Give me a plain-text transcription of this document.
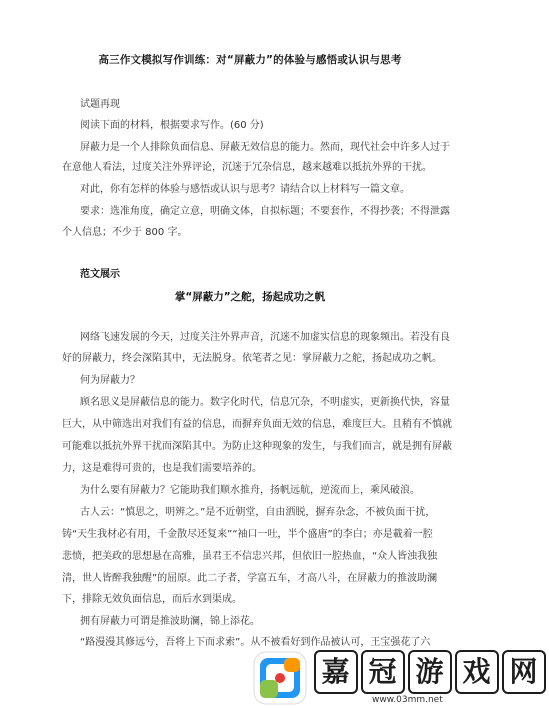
高三作文模拟写作训练：对“屏蔽力”的体验与感悟或认识与思考
试题再现
阅读下面的材料，根据要求写作。(60 分)
屏蔽力是一个人排除负面信息、屏蔽无效信息的能力。然而，现代社会中许多人过于
在意他人看法，过度关注外界评论，沉迷于冗杂信息，越来越难以抵抗外界的干扰。
对此，你有怎样的体验与感悟或认识与思考？请结合以上材料写一篇文章。
要求：选准角度，确定立意，明确文体，自拟标题；不要套作，不得抄袭；不得泄露
个人信息；不少于 800 字。
范文展示
掌“屏蔽力”之舵，扬起成功之帆
网络飞速发展的今天，过度关注外界声音，沉迷不加虚实信息的现象频出。若没有良
好的屏蔽力，终会深陷其中，无法脱身。依笔者之见：掌屏蔽力之舵，扬起成功之帆。
何为屏蔽力？
顾名思义是屏蔽信息的能力。数字化时代，信息冗杂，不明虚实，更新换代快，容量
巨大，从中筛选出对我们有益的信息，而摒弃负面无效的信息，难度巨大。且稍有不慎就
可能难以抵抗外界干扰而深陷其中。为防止这种现象的发生，与我们而言，就是拥有屏蔽
力，这是难得可贵的，也是我们需要培养的。
为什么要有屏蔽力？它能助我们顺水推舟，扬帆远航，逆流而上，乘风破浪。
古人云：“慎思之，明辨之。”是不近朝堂，自由洒脱，摒弃杂念，不被负面干扰，
铸“天生我材必有用，千金散尽还复来”“袖口一吐，半个盛唐”的李白；亦是載着一腔
悲愤，把美政的思想悬在高雅，虽君王不信忠兴邦，但依旧一腔热血，“众人皆浊我独
清，世人皆醉我独醒”的屈原。此二子者，学富五车，才高八斗，在屏蔽力的推波助澜
下，排除无效负面信息，而后水到渠成。
拥有屏蔽力可谓是推波助澜，锦上添花。
“路漫漫其修远兮，吾将上下而求索”。从不被看好到作品被认可，王宝强花了六
嘉 冠 游 戏 网
www.03mm.net
